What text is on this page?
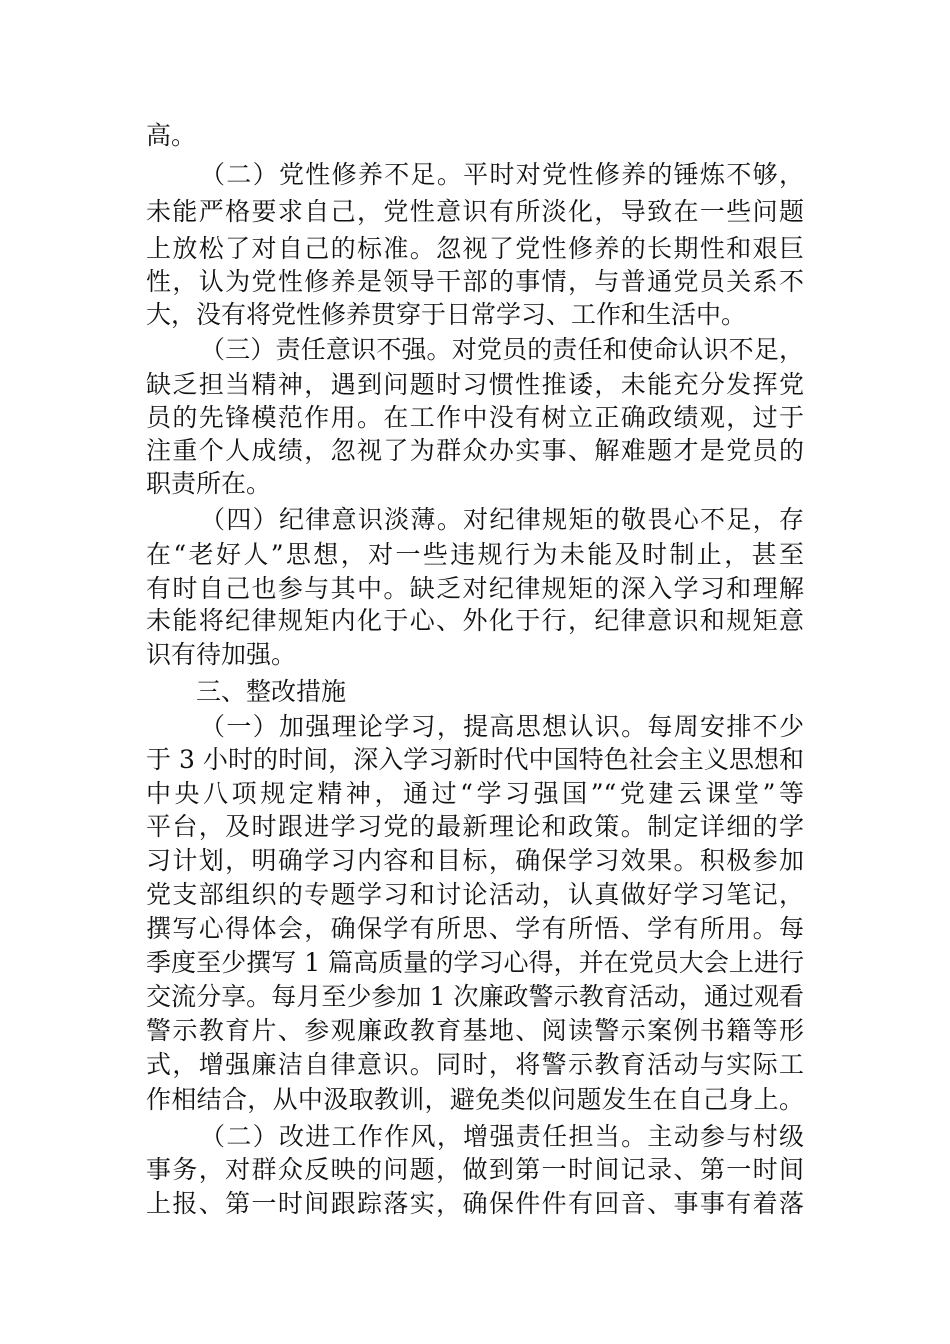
高。
（二）党性修养不足。平时对党性修养的锤炼不够，
未能严格要求自己，党性意识有所淡化，导致在一些问题
上放松了对自己的标准。忽视了党性修养的长期性和艰巨
性，认为党性修养是领导干部的事情，与普通党员关系不
大，没有将党性修养贯穿于日常学习、工作和生活中。
（三）责任意识不强。对党员的责任和使命认识不足，
缺乏担当精神，遇到问题时习惯性推诿，未能充分发挥党
员的先锋模范作用。在工作中没有树立正确政绩观，过于
注重个人成绩，忽视了为群众办实事、解难题才是党员的
职责所在。
（四）纪律意识淡薄。对纪律规矩的敬畏心不足，存
在“老好人”思想，对一些违规行为未能及时制止，甚至
有时自己也参与其中。缺乏对纪律规矩的深入学习和理解
未能将纪律规矩内化于心、外化于行，纪律意识和规矩意
识有待加强。
三、整改措施
（一）加强理论学习，提高思想认识。每周安排不少
于 3 小时的时间，深入学习新时代中国特色社会主义思想和
中央八项规定精神，通过“学习强国”“党建云课堂”等
平台，及时跟进学习党的最新理论和政策。制定详细的学
习计划，明确学习内容和目标，确保学习效果。积极参加
党支部组织的专题学习和讨论活动，认真做好学习笔记，
撰写心得体会，确保学有所思、学有所悟、学有所用。每
季度至少撰写 1 篇高质量的学习心得，并在党员大会上进行
交流分享。每月至少参加 1 次廉政警示教育活动，通过观看
警示教育片、参观廉政教育基地、阅读警示案例书籍等形
式，增强廉洁自律意识。同时，将警示教育活动与实际工
作相结合，从中汲取教训，避免类似问题发生在自己身上。
（二）改进工作作风，增强责任担当。主动参与村级
事务，对群众反映的问题，做到第一时间记录、第一时间
上报、第一时间跟踪落实，确保件件有回音、事事有着落
